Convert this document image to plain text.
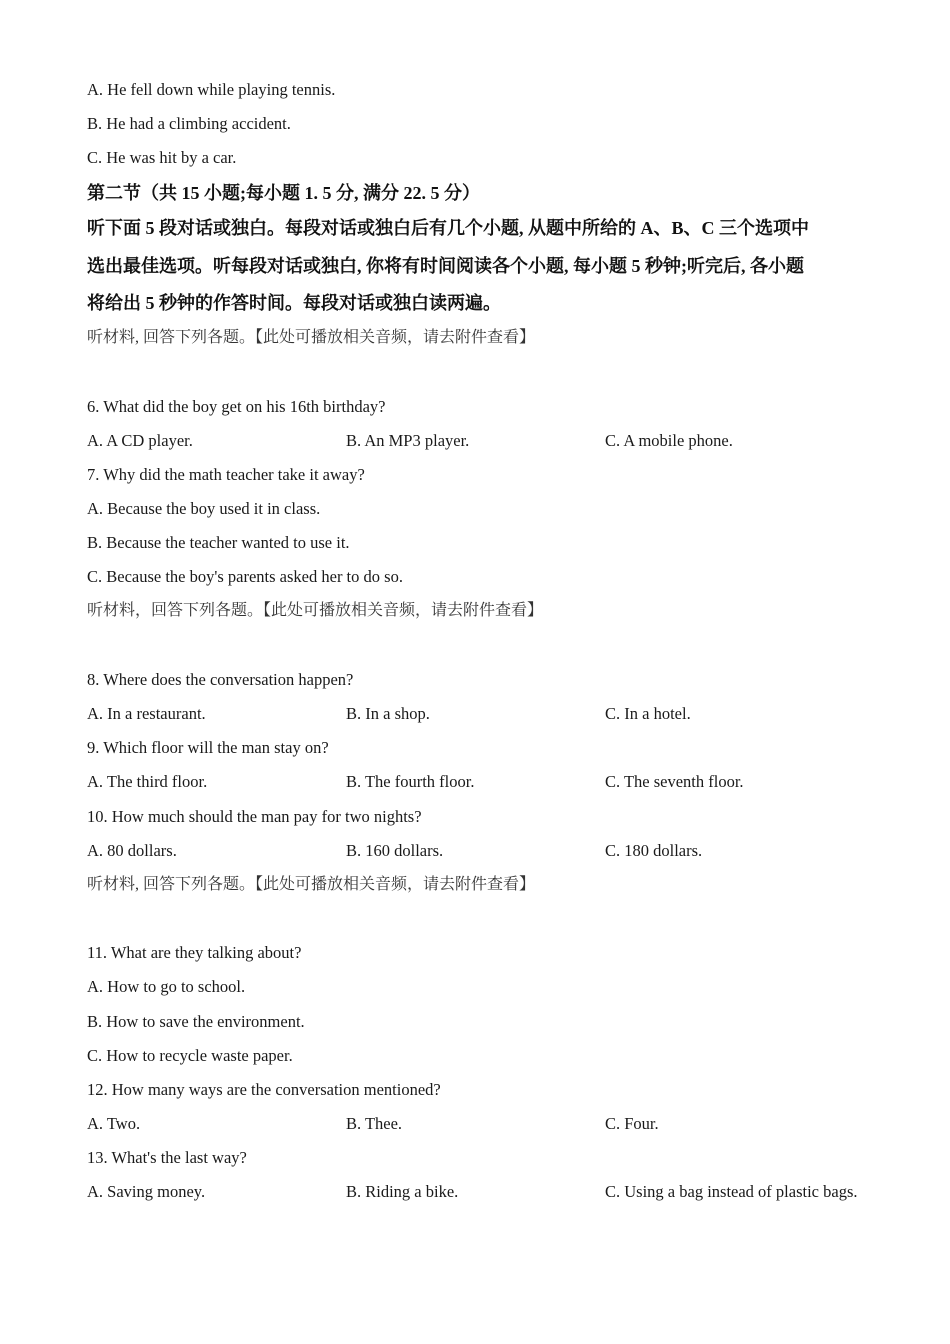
A. He fell down while playing tennis.
B. He had a climbing accident.
C. He was hit by a car.
第二节（共 15 小题;每小题 1. 5 分, 满分 22. 5 分）
听下面 5 段对话或独白。每段对话或独白后有几个小题, 从题中所给的 A、B、C 三个选项中
选出最佳选项。听每段对话或独白, 你将有时间阅读各个小题, 每小题 5 秒钟;听完后, 各小题
将给出 5 秒钟的作答时间。每段对话或独白读两遍。
听材料, 回答下列各题。【此处可播放相关音频，请去附件查看】
6. What did the boy get on his 16th birthday?
A. A CD player.	B. An MP3 player.	C. A mobile phone.
7. Why did the math teacher take it away?
A. Because the boy used it in class.
B. Because the teacher wanted to use it.
C. Because the boy's parents asked her to do so.
听材料，回答下列各题。【此处可播放相关音频，请去附件查看】
8. Where does the conversation happen?
A. In a restaurant.	B. In a shop.	C. In a hotel.
9. Which floor will the man stay on?
A. The third floor.	B. The fourth floor.	C. The seventh floor.
10. How much should the man pay for two nights?
A. 80 dollars.	B. 160 dollars.	C. 180 dollars.
听材料, 回答下列各题。【此处可播放相关音频，请去附件查看】
11. What are they talking about?
A. How to go to school.
B. How to save the environment.
C. How to recycle waste paper.
12. How many ways are the conversation mentioned?
A. Two.	B. Thee.	C. Four.
13. What's the last way?
A. Saving money.	B. Riding a bike.	C. Using a bag instead of plastic bags.
